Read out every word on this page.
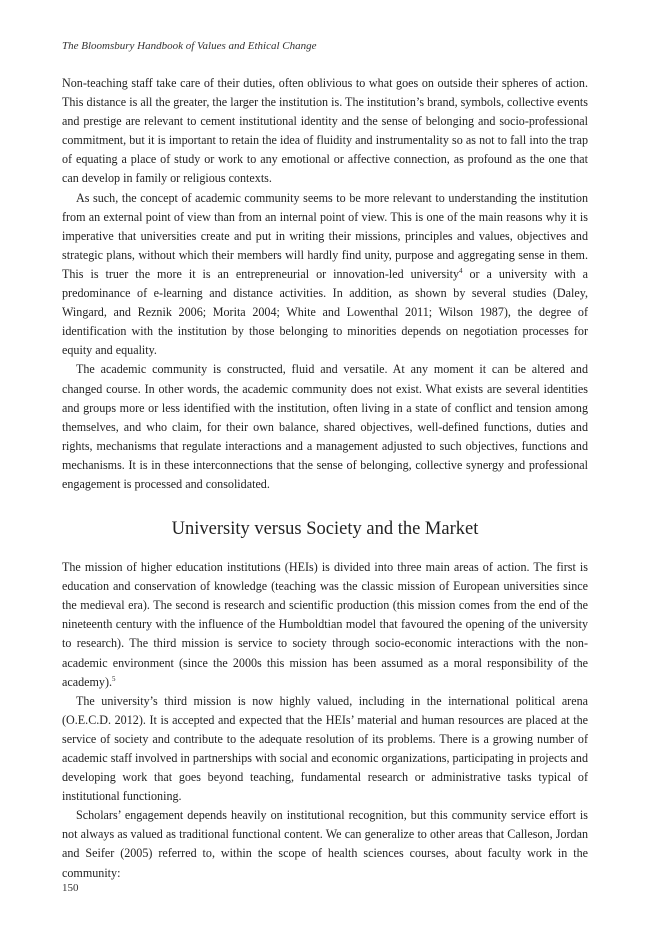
The Bloomsbury Handbook of Values and Ethical Change

Non-teaching staff take care of their duties, often oblivious to what goes on outside their spheres of action. This distance is all the greater, the larger the institution is. The institution’s brand, symbols, collective events and prestige are relevant to cement institutional identity and the sense of belonging and socio-professional commitment, but it is important to retain the idea of fluidity and instrumentality so as not to fall into the trap of equating a place of study or work to any emotional or affective connection, as profound as the one that can develop in family or religious contexts.

As such, the concept of academic community seems to be more relevant to understanding the institution from an external point of view than from an internal point of view. This is one of the main reasons why it is imperative that universities create and put in writing their missions, principles and values, objectives and strategic plans, without which their members will hardly find unity, purpose and aggregating sense in them. This is truer the more it is an entrepreneurial or innovation-led university$^4$ or a university with a predominance of e-learning and distance activities. In addition, as shown by several studies (Daley, Wingard, and Reznik 2006; Morita 2004; White and Lowenthal 2011; Wilson 1987), the degree of identification with the institution by those belonging to minorities depends on negotiation processes for equity and equality.

The academic community is constructed, fluid and versatile. At any moment it can be altered and changed course. In other words, the academic community does not exist. What exists are several identities and groups more or less identified with the institution, often living in a state of conflict and tension among themselves, and who claim, for their own balance, shared objectives, well-defined functions, duties and rights, mechanisms that regulate interactions and a management adjusted to such objectives, functions and mechanisms. It is in these interconnections that the sense of belonging, collective synergy and professional engagement is processed and consolidated.

University versus Society and the Market

The mission of higher education institutions (HEIs) is divided into three main areas of action. The first is education and conservation of knowledge (teaching was the classic mission of European universities since the medieval era). The second is research and scientific production (this mission comes from the end of the nineteenth century with the influence of the Humboldtian model that favoured the opening of the university to research). The third mission is service to society through socio-economic interactions with the non-academic environment (since the 2000s this mission has been assumed as a moral responsibility of the academy).$^5$

The university’s third mission is now highly valued, including in the international political arena (O.E.C.D. 2012). It is accepted and expected that the HEIs’ material and human resources are placed at the service of society and contribute to the adequate resolution of its problems. There is a growing number of academic staff involved in partnerships with social and economic organizations, participating in projects and developing work that goes beyond teaching, fundamental research or administrative tasks typical of institutional functioning.

Scholars’ engagement depends heavily on institutional recognition, but this community service effort is not always as valued as traditional functional content. We can generalize to other areas that Calleson, Jordan and Seifer (2005) referred to, within the scope of health sciences courses, about faculty work in the community:

150
